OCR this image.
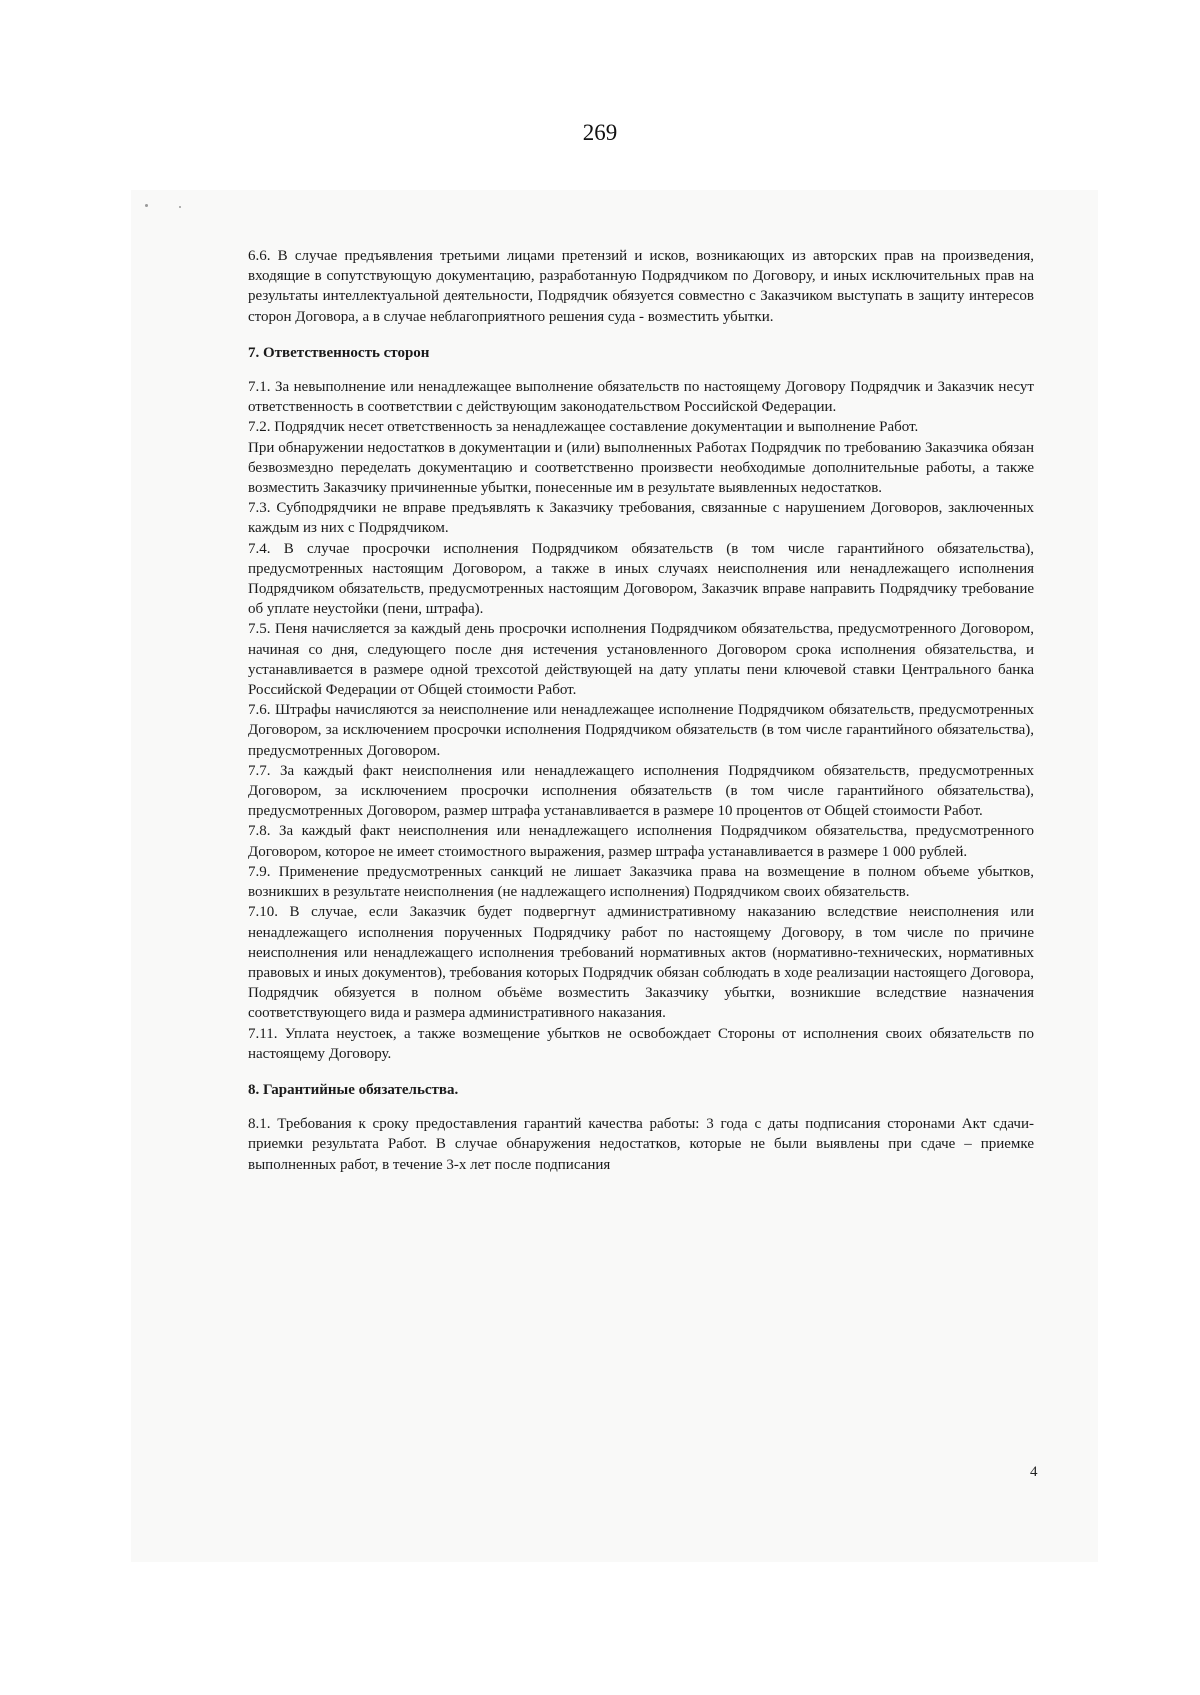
269

6.6. В случае предъявления третьими лицами претензий и исков, возникающих из авторских прав на произведения, входящие в сопутствующую документацию, разработанную Подрядчиком по Договору, и иных исключительных прав на результаты интеллектуальной деятельности, Подрядчик обязуется совместно с Заказчиком выступать в защиту интересов сторон Договора, а в случае неблагоприятного решения суда - возместить убытки.

7. Ответственность сторон

7.1. За невыполнение или ненадлежащее выполнение обязательств по настоящему Договору Подрядчик и Заказчик несут ответственность в соответствии с действующим законодательством Российской Федерации.

7.2. Подрядчик несет ответственность за ненадлежащее составление документации и выполнение Работ.

При обнаружении недостатков в документации и (или) выполненных Работах Подрядчик по требованию Заказчика обязан безвозмездно переделать документацию и соответственно произвести необходимые дополнительные работы, а также возместить Заказчику причиненные убытки, понесенные им в результате выявленных недостатков.

7.3. Субподрядчики не вправе предъявлять к Заказчику требования, связанные с нарушением Договоров, заключенных каждым из них с Подрядчиком.

7.4. В случае просрочки исполнения Подрядчиком обязательств (в том числе гарантийного обязательства), предусмотренных настоящим Договором, а также в иных случаях неисполнения или ненадлежащего исполнения Подрядчиком обязательств, предусмотренных настоящим Договором, Заказчик вправе направить Подрядчику требование об уплате неустойки (пени, штрафа).

7.5. Пеня начисляется за каждый день просрочки исполнения Подрядчиком обязательства, предусмотренного Договором, начиная со дня, следующего после дня истечения установленного Договором срока исполнения обязательства, и устанавливается в размере одной трехсотой действующей на дату уплаты пени ключевой ставки Центрального банка Российской Федерации от Общей стоимости Работ.

7.6. Штрафы начисляются за неисполнение или ненадлежащее исполнение Подрядчиком обязательств, предусмотренных Договором, за исключением просрочки исполнения Подрядчиком обязательств (в том числе гарантийного обязательства), предусмотренных Договором.

7.7. За каждый факт неисполнения или ненадлежащего исполнения Подрядчиком обязательств, предусмотренных Договором, за исключением просрочки исполнения обязательств (в том числе гарантийного обязательства), предусмотренных Договором, размер штрафа устанавливается в размере 10 процентов от Общей стоимости Работ.

7.8. За каждый факт неисполнения или ненадлежащего исполнения Подрядчиком обязательства, предусмотренного Договором, которое не имеет стоимостного выражения, размер штрафа устанавливается в размере 1 000 рублей.

7.9. Применение предусмотренных санкций не лишает Заказчика права на возмещение в полном объеме убытков, возникших в результате неисполнения (не надлежащего исполнения) Подрядчиком своих обязательств.

7.10. В случае, если Заказчик будет подвергнут административному наказанию вследствие неисполнения или ненадлежащего исполнения порученных Подрядчику работ по настоящему Договору, в том числе по причине неисполнения или ненадлежащего исполнения требований нормативных актов (нормативно-технических, нормативных правовых и иных документов), требования которых Подрядчик обязан соблюдать в ходе реализации настоящего Договора, Подрядчик обязуется в полном объёме возместить Заказчику убытки, возникшие вследствие назначения соответствующего вида и размера административного наказания.

7.11. Уплата неустоек, а также возмещение убытков не освобождает Стороны от исполнения своих обязательств по настоящему Договору.

8. Гарантийные обязательства.

8.1. Требования к сроку предоставления гарантий качества работы: 3 года с даты подписания сторонами Акт сдачи-приемки результата Работ. В случае обнаружения недостатков, которые не были выявлены при сдаче – приемке выполненных работ, в течение 3-х лет после подписания

4
